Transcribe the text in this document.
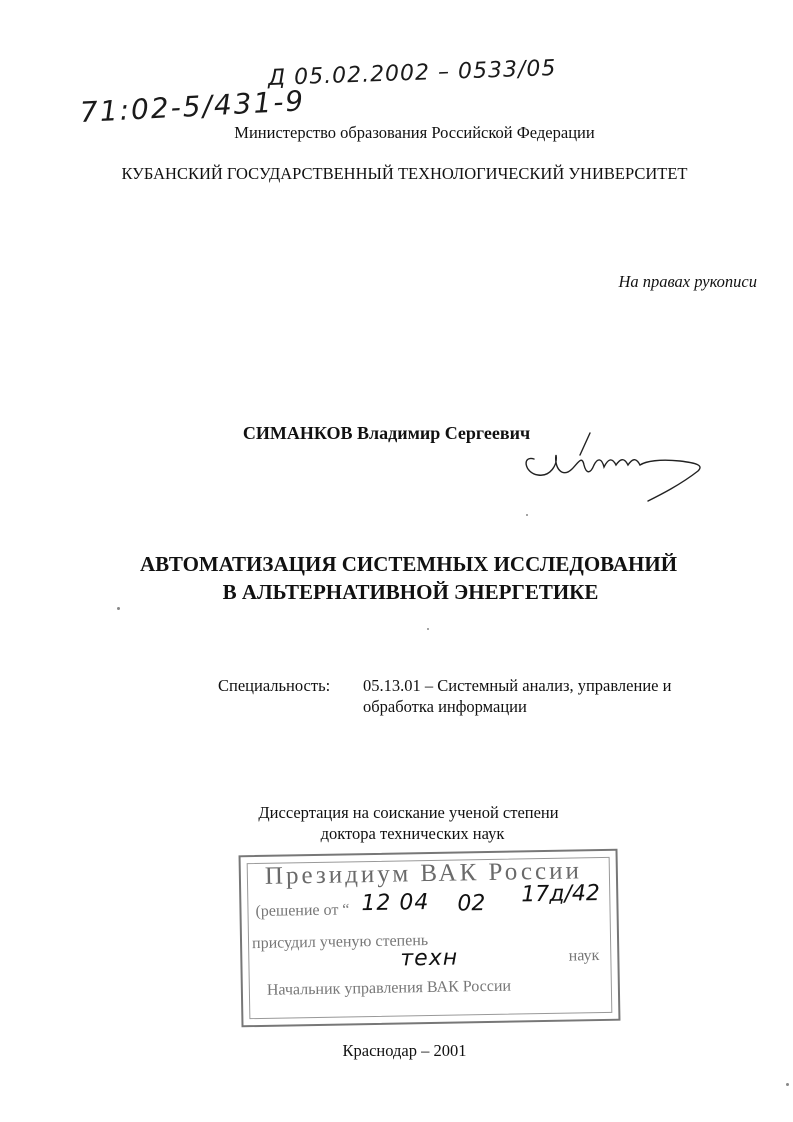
Д 05.02.2002 – 0533/05
71:02-5/431-9
Министерство образования Российской Федерации
КУБАНСКИЙ ГОСУДАРСТВЕННЫЙ ТЕХНОЛОГИЧЕСКИЙ УНИВЕРСИТЕТ
На правах рукописи
СИМАНКОВ Владимир Сергеевич
АВТОМАТИЗАЦИЯ СИСТЕМНЫХ ИССЛЕДОВАНИЙ
В АЛЬТЕРНАТИВНОЙ ЭНЕРГЕТИКЕ
Специальность: 05.13.01 – Системный анализ, управление и
обработка информации
Диссертация на соискание ученой степени
доктора технических наук
Президиум ВАК России
(решение от “ 12 04 02 17д/42
присудил ученую степень
техн	наук
Начальник управления ВАК России
Краснодар – 2001
